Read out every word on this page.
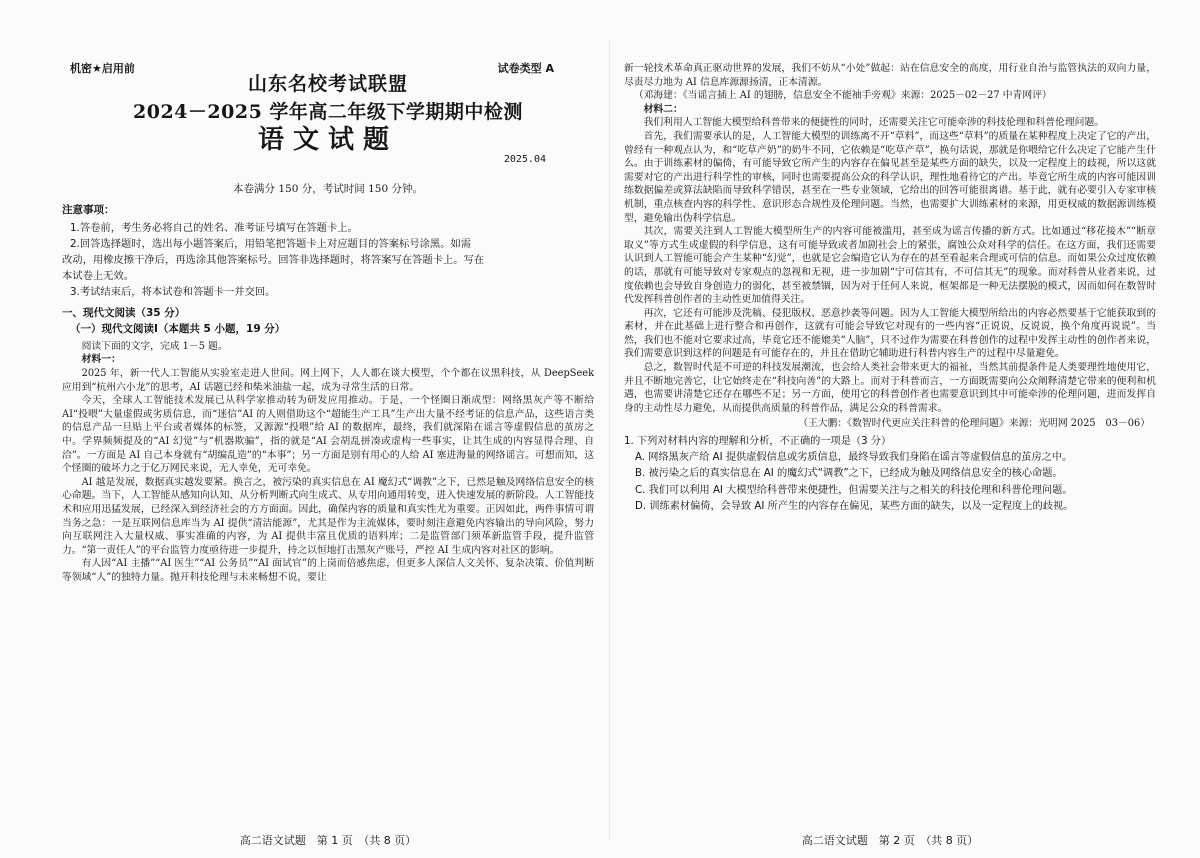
机密★启用前	试卷类型 A
山东名校考试联盟
2024－2025 学年高二年级下学期期中检测
语文试题
2025.04
本卷满分 150 分，考试时间 150 分钟。
注意事项：
1.答卷前，考生务必将自己的姓名、准考证号填写在答题卡上。
2.回答选择题时，选出每小题答案后，用铅笔把答题卡上对应题目的答案标号涂黑。如需
改动，用橡皮擦干净后，再选涂其他答案标号。回答非选择题时，将答案写在答题卡上。写在
本试卷上无效。
3.考试结束后，将本试卷和答题卡一并交回。
一、现代文阅读（35 分）
（一）现代文阅读Ⅰ（本题共 5 小题，19 分）

阅读下面的文字，完成 1－5 题。

材料一：

2025 年，新一代人工智能从实验室走进人世间。网上网下，人人都在谈大模型，个个都在议黑科技，从 DeepSeek 应用到“杭州六小龙”的思考，AI 话题已经和柴米油盐一起，成为寻常生活的日常。

今天，全球人工智能技术发展已从科学家推动转为研发应用推动。于是，一个怪圈日渐成型：网络黑灰产等不断给 AI“投喂”大量虚假或劣质信息，而“迷信”AI 的人则借助这个“超能生产工具”生产出大量不经考证的信息产品，这些语言类的信息产品一旦贴上平台或者媒体的标签，又源源“投喂”给 AI 的数据库，最终，我们就深陷在谣言等虚假信息的茧房之中。学界频频提及的“AI 幻觉”与“机器欺骗”，指的就是“AI 会胡乱拼凑或虚构一些事实，让其生成的内容显得合理、自洽”。一方面是 AI 自己本身就有“胡编乱造”的“本事”；另一方面是别有用心的人给 AI 塞进海量的网络谣言。可想而知，这个怪圈的破坏力之于亿万网民来说，无人幸免，无可幸免。

AI 越是发展，数据真实越发要紧。换言之，被污染的真实信息在 AI 魔幻式“调教”之下，已然是触及网络信息安全的核心命题。当下，人工智能从感知向认知、从分析判断式向生成式、从专用向通用转变，进入快速发展的新阶段。人工智能技术和应用迅猛发展，已经深入到经济社会的方方面面。因此，确保内容的质量和真实性尤为重要。正因如此，两件事情可谓当务之急：一是互联网信息库当为 AI 提供“清洁能源”，尤其是作为主流媒体，要时刻注意避免内容输出的导向风险，努力向互联网注入大量权威、事实准确的内容，为 AI 提供丰富且优质的语料库；二是监管部门须革新监管手段，提升监管力。“第一责任人”的平台监管力度亟待进一步提升，持之以恒地打击黑灰产账号，严控 AI 生成内容对社区的影响。

有人因“AI 主播”“AI 医生”“AI 公务员”“AI 面试官”的上岗而倍感焦虑，但更多人深信人文关怀、复杂决策、价值判断等领域“人”的独特力量。抛开科技伦理与未来畅想不说，要让

高二语文试题　第 1 页　（共 8 页）

新一轮技术革命真正驱动世界的发展，我们不妨从“小处”做起：站在信息安全的高度，用行业自治与监管执法的双向力量，尽责尽力地为 AI 信息库源源扬清，正本清源。

（邓海建：《当谣言插上 AI 的翅膀，信息安全不能袖手旁观》来源：2025－02－27 中青网评）

材料二：

我们利用人工智能大模型给科普带来的便捷性的同时，还需要关注它可能牵涉的科技伦理和科普伦理问题。

首先，我们需要承认的是，人工智能大模型的训练离不开“草料”，而这些“草料”的质量在某种程度上决定了它的产出，曾经有一种观点认为，和“吃草产奶”的奶牛不同，它依赖是“吃草产草”，换句话说，那就是你喂给它什么决定了它能产生什么。由于训练素材的偏倚，有可能导致它所产生的内容存在偏见甚至是某些方面的缺失，以及一定程度上的歧视，所以这就需要对它的产出进行科学性的审核，同时也需要提高公众的科学认识，理性地看待它的产出。毕竟它所生成的内容可能因训练数据偏差或算法缺陷而导致科学错误，甚至在一些专业领域，它给出的回答可能很离谱。基于此，就有必要引入专家审核机制，重点核查内容的科学性、意识形态合规性及伦理问题。当然，也需要扩大训练素材的来源，用更权威的数据源训练模型，避免输出伪科学信息。

其次，需要关注到人工智能大模型所生产的内容可能被滥用，甚至成为谣言传播的新方式。比如通过“移花接木”“断章取义”等方式生成虚假的科学信息，这有可能导致或者加剧社会上的紧张，腐蚀公众对科学的信任。在这方面，我们还需要认识到人工智能可能会产生某种“幻觉”，也就是它会编造它认为存在的甚至看起来合理或可信的信息。而如果公众过度依赖的话，那就有可能导致对专家观点的忽视和无视，进一步加剧“宁可信其有，不可信其无”的现象。而对科普从业者来说，过度依赖也会导致自身创造力的弱化，甚至被禁锢，因为对于任何人来说，框架都是一种无法摆脱的模式，因而如何在数智时代发挥科普创作者的主动性更加值得关注。

再次，它还有可能涉及洗稿、侵犯版权、恶意抄袭等问题。因为人工智能大模型所给出的内容必然要基于它能获取到的素材，并在此基础上进行整合和再创作，这就有可能会导致它对现有的一些内容“正说说，反说说，换个角度再说说”。当然，我们也不能对它要求过高，毕竟它还不能媲美“人脑”，只不过作为需要在科普创作的过程中发挥主动性的创作者来说，我们需要意识到这样的问题是有可能存在的，并且在借助它辅助进行科普内容生产的过程中尽量避免。

总之，数智时代是不可逆的科技发展潮流，也会给人类社会带来更大的福祉，当然其前提条件是人类要理性地使用它，并且不断地完善它，让它始终走在“科技向善”的大路上。而对于科普而言，一方面既需要向公众阐释清楚它带来的便利和机遇，也需要讲清楚它还存在哪些不足；另一方面，使用它的科普创作者也需要意识到其中可能牵涉的伦理问题，进而发挥自身的主动性尽力避免，从而提供高质量的科普作品，满足公众的科普需求。

（王大鹏：《数智时代更应关注科普的伦理问题》来源：光明网 2025　03－06）
1. 下列对材料内容的理解和分析，不正确的一项是（3 分）
A. 网络黑灰产给 AI 提供虚假信息或劣质信息，最终导致我们身陷在谣言等虚假信息的茧房之中。
B. 被污染之后的真实信息在 AI 的魔幻式“调教”之下，已经成为触及网络信息安全的核心命题。
C. 我们可以利用 AI 大模型给科普带来便捷性，但需要关注与之相关的科技伦理和科普伦理问题。
D. 训练素材偏倚，会导致 AI 所产生的内容存在偏见，某些方面的缺失，以及一定程度上的歧视。
高二语文试题　第 2 页　（共 8 页）
